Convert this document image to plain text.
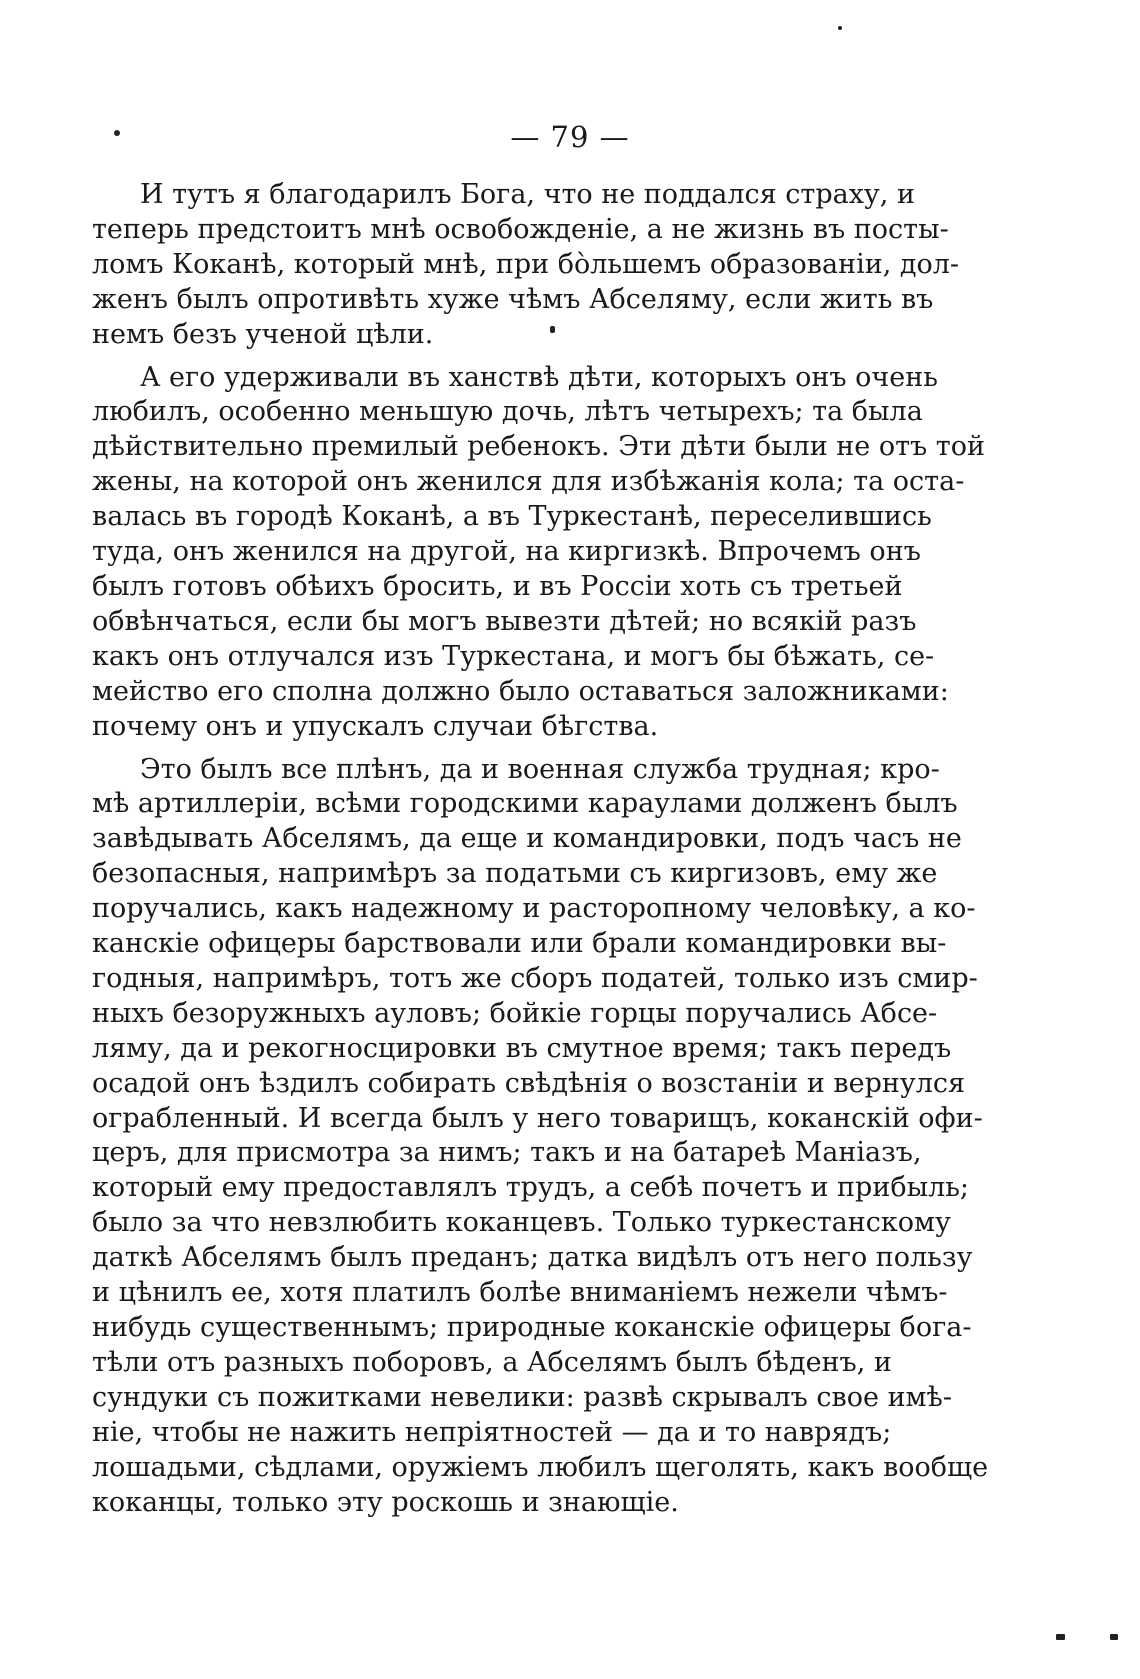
— 79 —

И тутъ я благодарилъ Бога, что не поддался страху, и
теперь предстоитъ мнѣ освобожденіе, а не жизнь въ посты-
ломъ Коканѣ, который мнѣ, при бо̀льшемъ образованіи, дол-
женъ былъ опротивѣть хуже чѣмъ Абселяму, если жить въ
немъ безъ ученой цѣли.

А его удерживали въ ханствѣ дѣти, которыхъ онъ очень
любилъ, особенно меньшую дочь, лѣтъ четырехъ; та была
дѣйствительно премилый ребенокъ. Эти дѣти были не отъ той
жены, на которой онъ женился для избѣжанія кола; та оста-
валась въ городѣ Коканѣ, а въ Туркестанѣ, переселившись
туда, онъ женился на другой, на киргизкѣ. Впрочемъ онъ
былъ готовъ обѣихъ бросить, и въ Россіи хоть съ третьей
обвѣнчаться, если бы могъ вывезти дѣтей; но всякій разъ
какъ онъ отлучался изъ Туркестана, и могъ бы бѣжать, се-
мейство его сполна должно было оставаться заложниками:
почему онъ и упускалъ случаи бѣгства.

Это былъ все плѣнъ, да и военная служба трудная; кро-
мѣ артиллеріи, всѣми городскими караулами долженъ былъ
завѣдывать Абселямъ, да еще и командировки, подъ часъ не
безопасныя, напримѣръ за податьми съ киргизовъ, ему же
поручались, какъ надежному и расторопному человѣку, а ко-
канскіе офицеры барствовали или брали командировки вы-
годныя, напримѣръ, тотъ же сборъ податей, только изъ смир-
ныхъ безоружныхъ ауловъ; бойкіе горцы поручались Абсе-
ляму, да и рекогносцировки въ смутное время; такъ передъ
осадой онъ ѣздилъ собирать свѣдѣнія о возстаніи и вернулся
ограбленный. И всегда былъ у него товарищъ, коканскій офи-
церъ, для присмотра за нимъ; такъ и на батареѣ Маніазъ,
который ему предоставлялъ трудъ, а себѣ почетъ и прибыль;
было за что невзлюбить коканцевъ. Только туркестанскому
даткѣ Абселямъ былъ преданъ; датка видѣлъ отъ него пользу
и цѣнилъ ее, хотя платилъ болѣе вниманіемъ нежели чѣмъ-
нибудь существеннымъ; природные коканскіе офицеры бога-
тѣли отъ разныхъ поборовъ, а Абселямъ былъ бѣденъ, и
сундуки съ пожитками невелики: развѣ скрывалъ свое имѣ-
ніе, чтобы не нажить непріятностей — да и то наврядъ;
лошадьми, сѣдлами, оружіемъ любилъ щеголять, какъ вообще
коканцы, только эту роскошь и знающіе.
